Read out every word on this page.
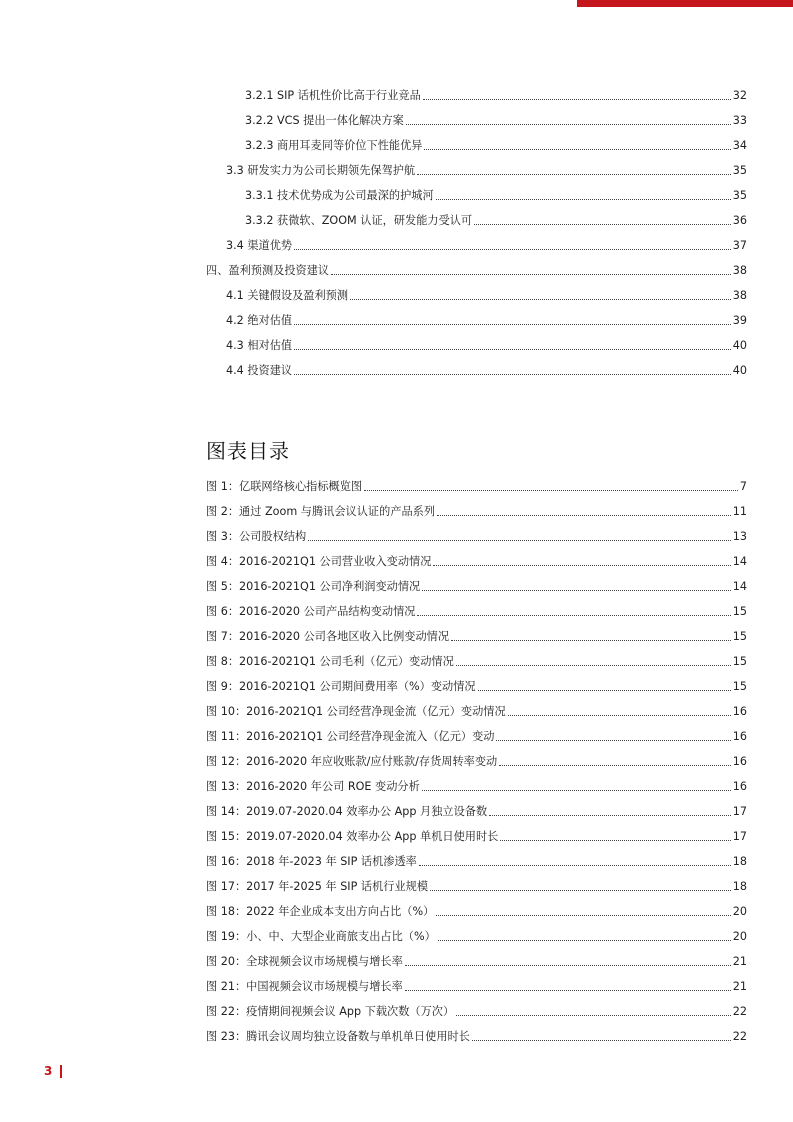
3.2.1 SIP 话机性价比高于行业竞品	32
3.2.2 VCS 提出一体化解决方案	33
3.2.3 商用耳麦同等价位下性能优异	34
3.3 研发实力为公司长期领先保驾护航	35
3.3.1 技术优势成为公司最深的护城河	35
3.3.2 获微软、ZOOM 认证，研发能力受认可	36
3.4 渠道优势	37
四、盈利预测及投资建议	38
4.1 关键假设及盈利预测	38
4.2 绝对估值	39
4.3 相对估值	40
4.4 投资建议	40
图表目录
图 1：亿联网络核心指标概览图	7
图 2：通过 Zoom 与腾讯会议认证的产品系列	11
图 3：公司股权结构	13
图 4：2016-2021Q1 公司营业收入变动情况	14
图 5：2016-2021Q1 公司净利润变动情况	14
图 6：2016-2020 公司产品结构变动情况	15
图 7：2016-2020 公司各地区收入比例变动情况	15
图 8：2016-2021Q1 公司毛利（亿元）变动情况	15
图 9：2016-2021Q1 公司期间费用率（%）变动情况	15
图 10：2016-2021Q1 公司经营净现金流（亿元）变动情况	16
图 11：2016-2021Q1 公司经营净现金流入（亿元）变动	16
图 12：2016-2020 年应收账款/应付账款/存货周转率变动	16
图 13：2016-2020 年公司 ROE 变动分析	16
图 14：2019.07-2020.04 效率办公 App 月独立设备数	17
图 15：2019.07-2020.04 效率办公 App 单机日使用时长	17
图 16：2018 年-2023 年 SIP 话机渗透率	18
图 17：2017 年-2025 年 SIP 话机行业规模	18
图 18：2022 年企业成本支出方向占比（%）	20
图 19：小、中、大型企业商旅支出占比（%）	20
图 20：全球视频会议市场规模与增长率	21
图 21：中国视频会议市场规模与增长率	21
图 22：疫情期间视频会议 App 下载次数（万次）	22
图 23：腾讯会议周均独立设备数与单机单日使用时长	22
3
